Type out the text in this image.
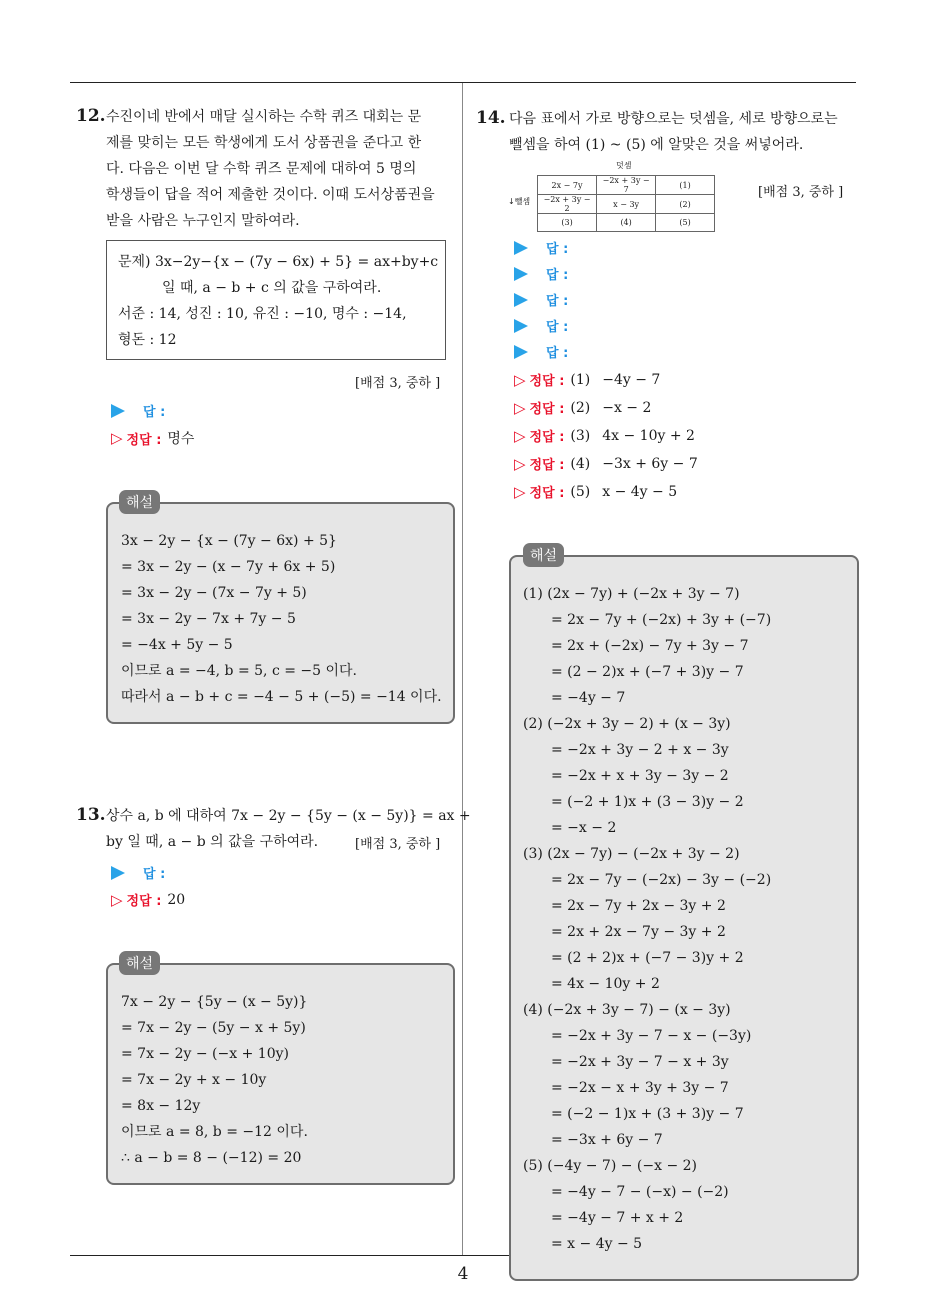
4
12. 수진이네 반에서 매달 실시하는 수학 퀴즈 대회는 문
제를 맞히는 모든 학생에게 도서 상품권을 준다고 한
다. 다음은 이번 달 수학 퀴즈 문제에 대하여 5 명의
학생들이 답을 적어 제출한 것이다. 이때 도서상품권을
받을 사람은 누구인지 말하여라.
문제) 3x−2y−{x − (7y − 6x) + 5} = ax+by+c
일 때, a − b + c 의 값을 구하여라.
서준 : 14, 성진 : 10, 유진 : −10, 명수 : −14,
형돈 : 12
[배점 3, 중하 ]
답 :
▷ 정답 : 명수
3x − 2y − {x − (7y − 6x) + 5}
= 3x − 2y − (x − 7y + 6x + 5)
= 3x − 2y − (7x − 7y + 5)
= 3x − 2y − 7x + 7y − 5
= −4x + 5y − 5
이므로 a = −4, b = 5, c = −5 이다.
따라서 a − b + c = −4 − 5 + (−5) = −14 이다.
해설
13. 상수 a, b 에 대하여 7x − 2y − {5y − (x − 5y)} = ax +
by 일 때, a − b 의 값을 구하여라.	[배점 3, 중하 ]
답 :
▷ 정답 : 20
7x − 2y − {5y − (x − 5y)}
= 7x − 2y − (5y − x + 5y)
= 7x − 2y − (−x + 10y)
= 7x − 2y + x − 10y
= 8x − 12y
이므로 a = 8, b = −12 이다.
∴ a − b = 8 − (−12) = 20
해설
14. 다음 표에서 가로 방향으로는 덧셈을, 세로 방향으로는
뺄셈을 하여 (1) ~ (5) 에 알맞은 것을 써넣어라.
덧셈
↓뺄셈
2x − 7y	−2x + 3y − 7	(1)
−2x + 3y − 2	x − 3y	(2)
(3)	(4)	(5)
[배점 3, 중하 ]
답 :
답 :
답 :
답 :
답 :
▷ 정답 : (1) −4y − 7
▷ 정답 : (2) −x − 2
▷ 정답 : (3) 4x − 10y + 2
▷ 정답 : (4) −3x + 6y − 7
▷ 정답 : (5) x − 4y − 5
(1) (2x − 7y) + (−2x + 3y − 7)
= 2x − 7y + (−2x) + 3y + (−7)
= 2x + (−2x) − 7y + 3y − 7
= (2 − 2)x + (−7 + 3)y − 7
= −4y − 7
(2) (−2x + 3y − 2) + (x − 3y)
= −2x + 3y − 2 + x − 3y
= −2x + x + 3y − 3y − 2
= (−2 + 1)x + (3 − 3)y − 2
= −x − 2
(3) (2x − 7y) − (−2x + 3y − 2)
= 2x − 7y − (−2x) − 3y − (−2)
= 2x − 7y + 2x − 3y + 2
= 2x + 2x − 7y − 3y + 2
= (2 + 2)x + (−7 − 3)y + 2
= 4x − 10y + 2
(4) (−2x + 3y − 7) − (x − 3y)
= −2x + 3y − 7 − x − (−3y)
= −2x + 3y − 7 − x + 3y
= −2x − x + 3y + 3y − 7
= (−2 − 1)x + (3 + 3)y − 7
= −3x + 6y − 7
(5) (−4y − 7) − (−x − 2)
= −4y − 7 − (−x) − (−2)
= −4y − 7 + x + 2
= x − 4y − 5
해설
